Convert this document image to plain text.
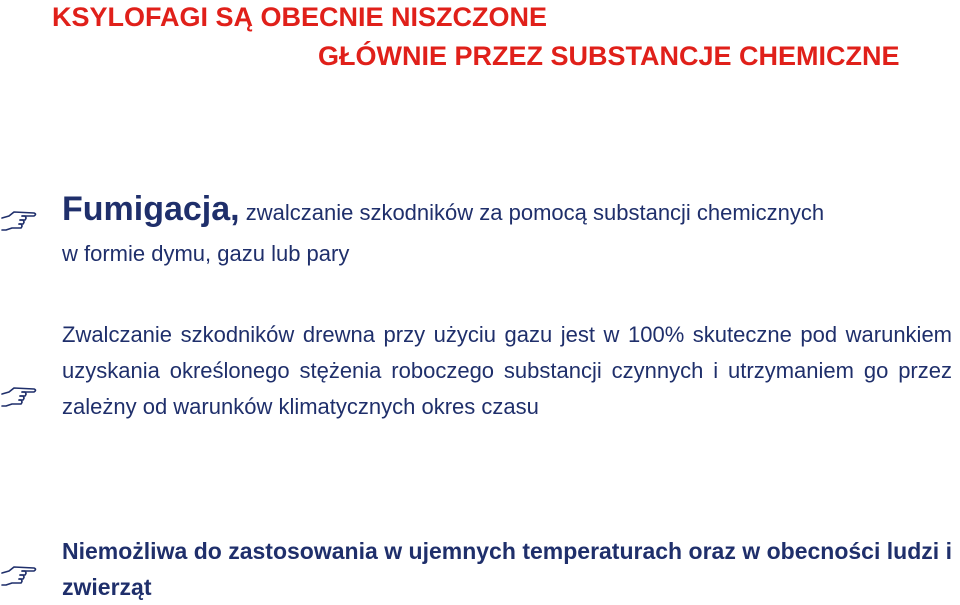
KSYLOFAGI SĄ OBECNIE NISZCZONE
GŁÓWNIE PRZEZ SUBSTANCJE CHEMICZNE
Fumigacja, zwalczanie szkodników za pomocą substancji chemicznych
w formie dymu, gazu lub pary
Zwalczanie szkodników drewna przy użyciu gazu jest w 100% skuteczne pod warunkiem uzyskania określonego stężenia roboczego substancji czynnych i utrzymaniem go przez zależny od warunków klimatycznych okres czasu
Niemożliwa do zastosowania w ujemnych temperaturach oraz w obecności ludzi i zwierząt
